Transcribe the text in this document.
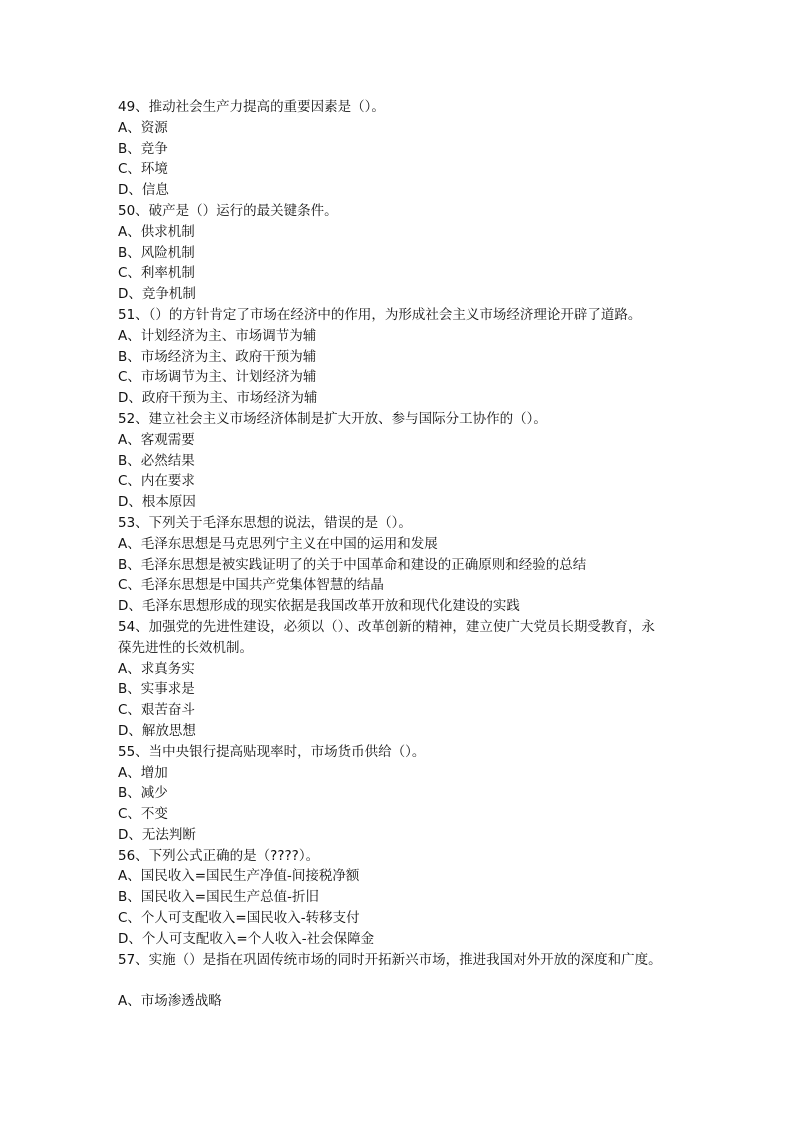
49、推动社会生产力提高的重要因素是（）。
A、资源
B、竞争
C、环境
D、信息
50、破产是（）运行的最关键条件。
A、供求机制
B、风险机制
C、利率机制
D、竞争机制
51、（）的方针肯定了市场在经济中的作用，为形成社会主义市场经济理论开辟了道路。
A、计划经济为主、市场调节为辅
B、市场经济为主、政府干预为辅
C、市场调节为主、计划经济为辅
D、政府干预为主、市场经济为辅
52、建立社会主义市场经济体制是扩大开放、参与国际分工协作的（）。
A、客观需要
B、必然结果
C、内在要求
D、根本原因
53、下列关于毛泽东思想的说法，错误的是（）。
A、毛泽东思想是马克思列宁主义在中国的运用和发展
B、毛泽东思想是被实践证明了的关于中国革命和建设的正确原则和经验的总结
C、毛泽东思想是中国共产党集体智慧的结晶
D、毛泽东思想形成的现实依据是我国改革开放和现代化建设的实践
54、加强党的先进性建设，必须以（）、改革创新的精神，建立使广大党员长期受教育，永
葆先进性的长效机制。
A、求真务实
B、实事求是
C、艰苦奋斗
D、解放思想
55、当中央银行提高贴现率时，市场货币供给（）。
A、增加
B、减少
C、不变
D、无法判断
56、下列公式正确的是（????）。
A、国民收入=国民生产净值-间接税净额
B、国民收入=国民生产总值-折旧
C、个人可支配收入=国民收入-转移支付
D、个人可支配收入=个人收入-社会保障金
57、实施（）是指在巩固传统市场的同时开拓新兴市场，推进我国对外开放的深度和广度。
A、市场渗透战略
